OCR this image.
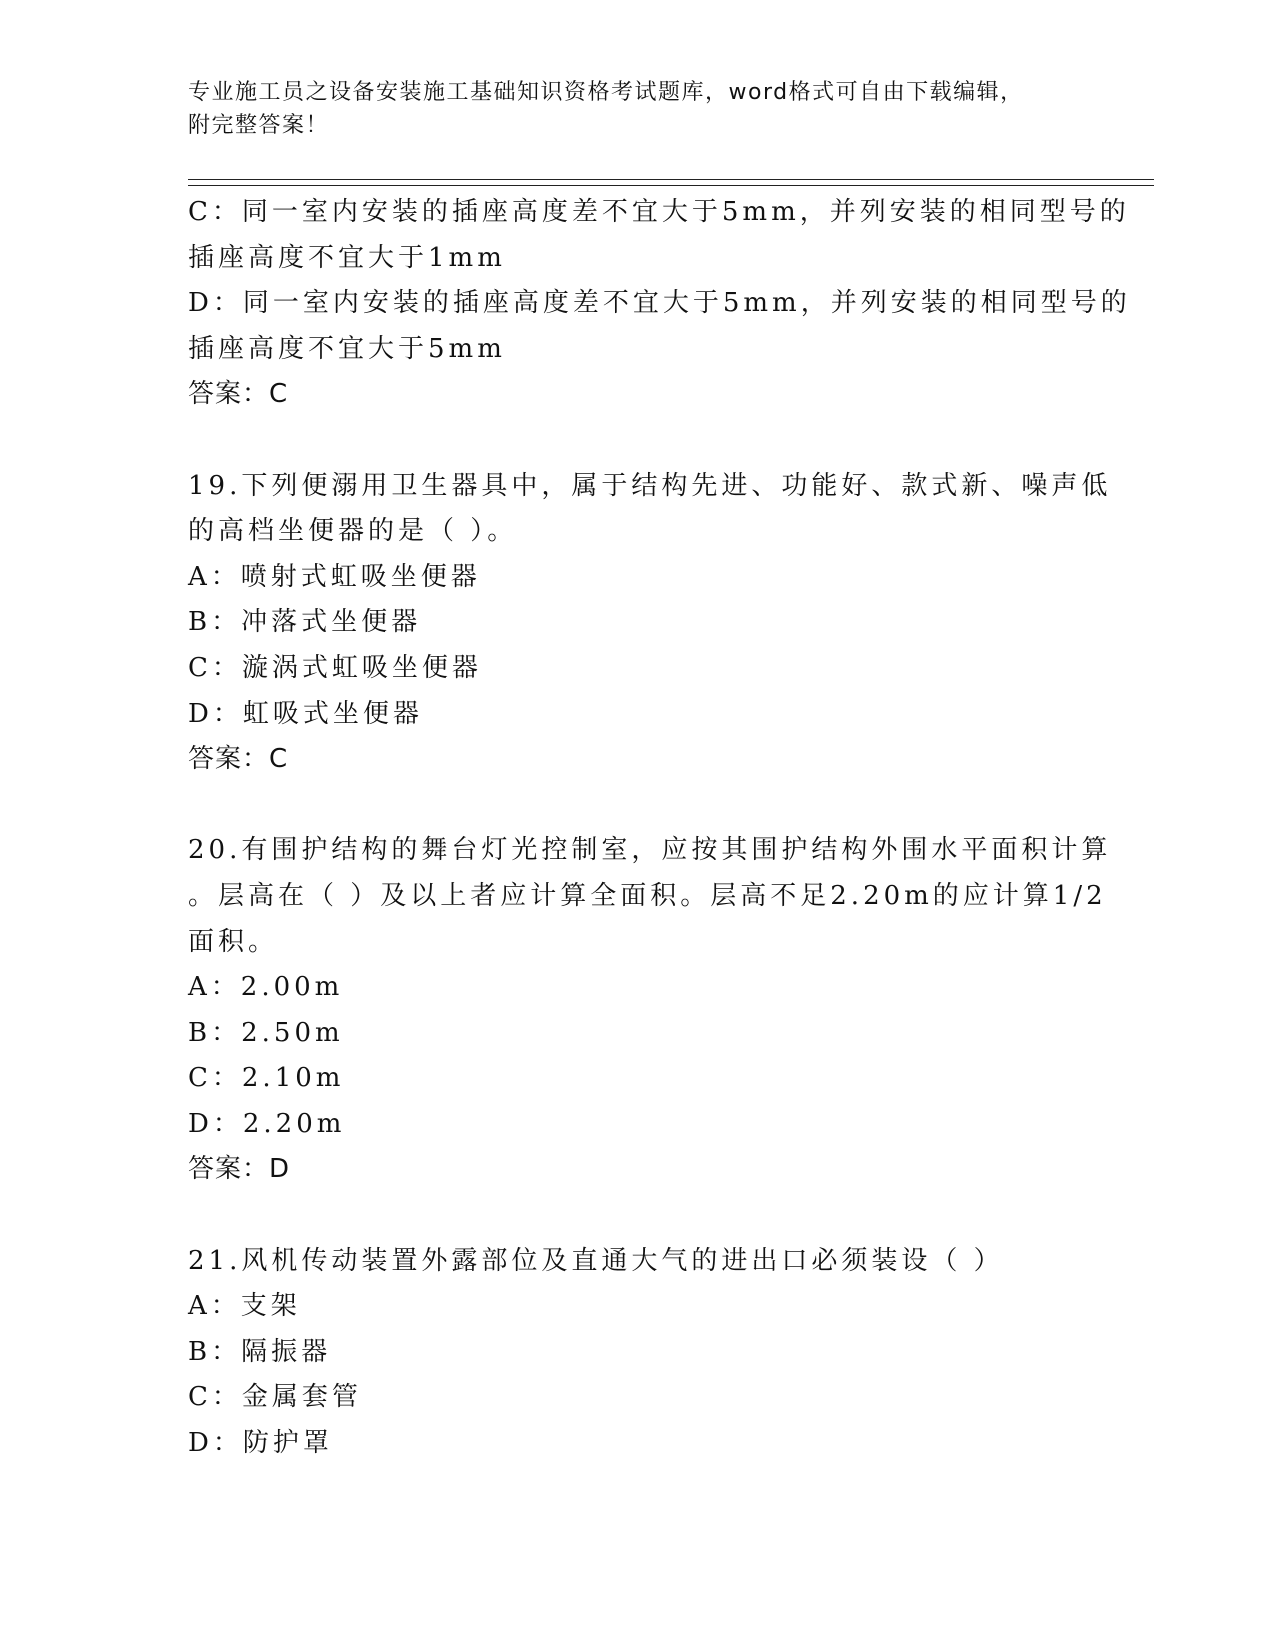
专业施工员之设备安装施工基础知识资格考试题库，word格式可自由下载编辑，
附完整答案！
C：同一室内安装的插座高度差不宜大于5mm，并列安装的相同型号的
插座高度不宜大于1mm
D：同一室内安装的插座高度差不宜大于5mm，并列安装的相同型号的
插座高度不宜大于5mm
答案：C
19.下列便溺用卫生器具中，属于结构先进、功能好、款式新、噪声低
的高档坐便器的是（ ）。
A：喷射式虹吸坐便器
B：冲落式坐便器
C：漩涡式虹吸坐便器
D：虹吸式坐便器
答案：C
20.有围护结构的舞台灯光控制室，应按其围护结构外围水平面积计算
。层高在（ ）及以上者应计算全面积。层高不足2.20m的应计算1/2
面积。
A：2.00m
B：2.50m
C：2.10m
D：2.20m
答案：D
21.风机传动装置外露部位及直通大气的进出口必须装设（ ）
A：支架
B：隔振器
C：金属套管
D：防护罩
